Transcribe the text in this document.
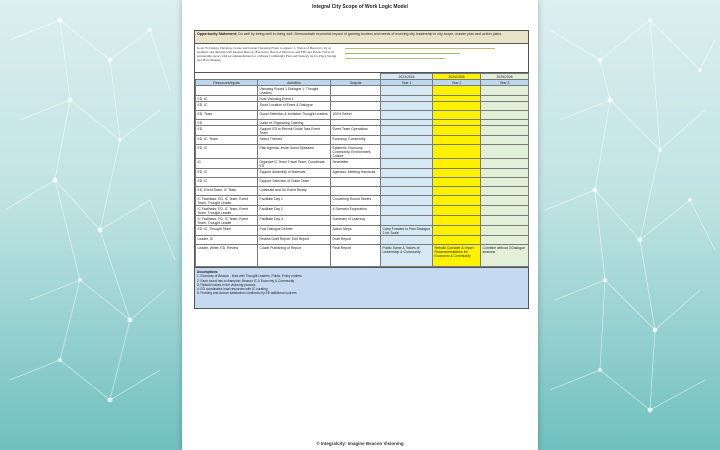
Integral City Scope of Work Logic Model
Opportunity Statement: Do well by being well in doing well. Demonstrate economic impact of gaming tourism and needs of evolving city leadership in city scope, master plan and action plans
Goal: To Design, Develop, Create and Curate Visioning Event to ensure: 1. Vision of Beacon's city as resilient, and thriving with Integral Beacon (Executive Board of Directors and ED) and Public Voices in partnership report with recommendations for a Master Community Plan and Strategy tied to Place Saving and Place Making
			2023/2024	2024/2025	2025/2026
Resources/Inputs	Activities	Outputs	Year 1	Year 2	Year 3
	Visioning Round 1 Dialogue 1: Thought Leaders				
ED, IC	Host Visioning Event 1				
ED, IC	Scout Location of Event & Dialogue				
ED, Team	Guest Selection & Invitation Thought Leaders	100% Select			
ED	Liaise re Organizing Catering				
ED	Support ED to Recruit Guide Task Event Team	Event Team Operations			
ED, IC, Team	Select Themes	Economy, Community			
ED, IC	Plan Agenda, Invite Guest Speakers	Epidemic: Economy, Community, Environment, Culture			
IC	Organize IC Team Travel Team, Coordinate ED	Newsletter			
ED, IC	Support Assembly of Materials	Agendas, Meeting Handouts			
ED, IC	Support Selection of Guide Team				
ED, Event Team, IC Team	Celebrate and Go Event Ready				
IC Facilitator, ED, IC Team, Event Team, Thought Leader	Facilitate Day 1	Convening Round Stories			
IC Facilitator, ED, IC Team, Event Team, Thought Leader	Facilitate Day 2	4 Scenario Exploration			
IC Facilitator, ED, IC Team, Event Team, Thought Leader	Facilitate Day 3	Summary of Learning			
ED, IC, Thought Team	Post Dialogue Debrief	Action Steps	Carry Forward to Plan Dialogue 2 for Scale		
Leader, IC	Review Draft Report, Edit Report	Draft Report			
Leader, Writer, ED, Review	Coach Publishing of Report	Final Report	Public Same & Voices of Leadership & Community	Rebuild Consider & report Recommendations for Economic & Community	Combine without 3 Dialogue seasons
Assumptions:
1. Economy of Beacon - lives with Thought Leaders, Public, Policy makers
2. Each round has a champion: Beacon IC & Economy & Community
3. Rebuild voices in the visioning process
4. ED coordinates local resources with IC curating
5. Funding and accrue satisfaction confirmed by ED additional sources
© Integralcity: Imagine Beacon Visioning
